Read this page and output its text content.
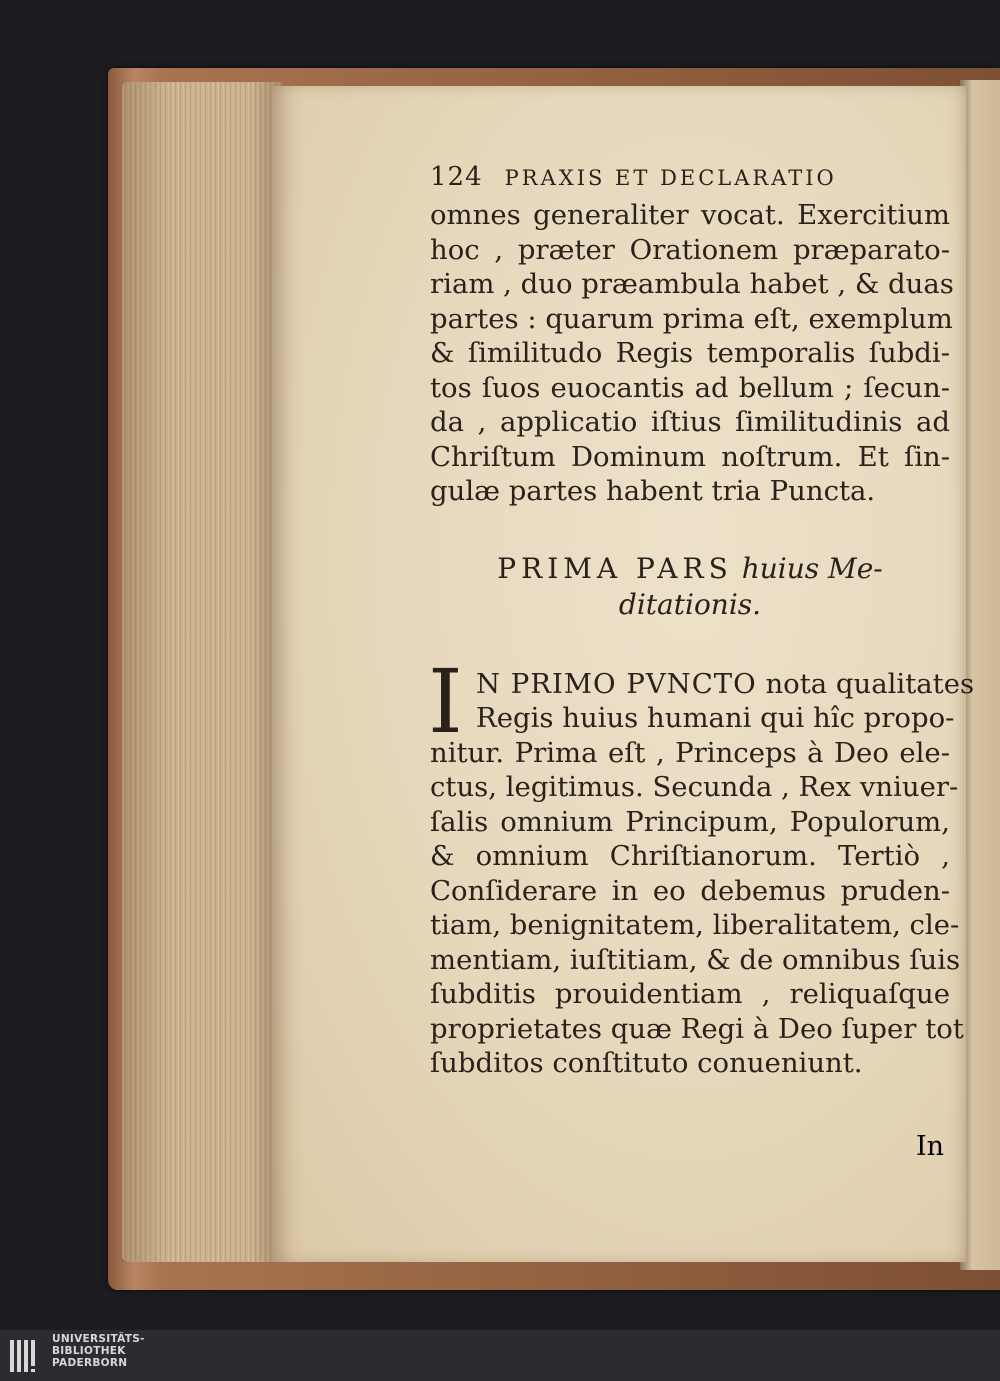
124 PRAXIS ET DECLARATIO
omnes generaliter vocat. Exercitium
hoc , præter Orationem præparato-
riam , duo præambula habet , & duas
partes : quarum prima eſt, exemplum
& ſimilitudo Regis temporalis ſubdi-
tos ſuos euocantis ad bellum ; ſecun-
da , applicatio iſtius ſimilitudinis ad
Chriſtum Dominum noſtrum. Et ſin-
gulæ partes habent tria Puncta.
PRIMA PARS huius Me-
ditationis.
I N PRIMO PVNCTO nota qualitates
Regis huius humani qui hîc propo-
nitur. Prima eſt , Princeps à Deo ele-
ctus, legitimus. Secunda , Rex vniuer-
ſalis omnium Principum, Populorum,
& omnium Chriſtianorum. Tertiò ,
Conſiderare in eo debemus pruden-
tiam, benignitatem, liberalitatem, cle-
mentiam, iuſtitiam, & de omnibus ſuis
ſubditis prouidentiam , reliquaſque
proprietates quæ Regi à Deo ſuper tot
ſubditos conſtituto conueniunt.
In
UNIVERSITÄTS-
BIBLIOTHEK
PADERBORN
